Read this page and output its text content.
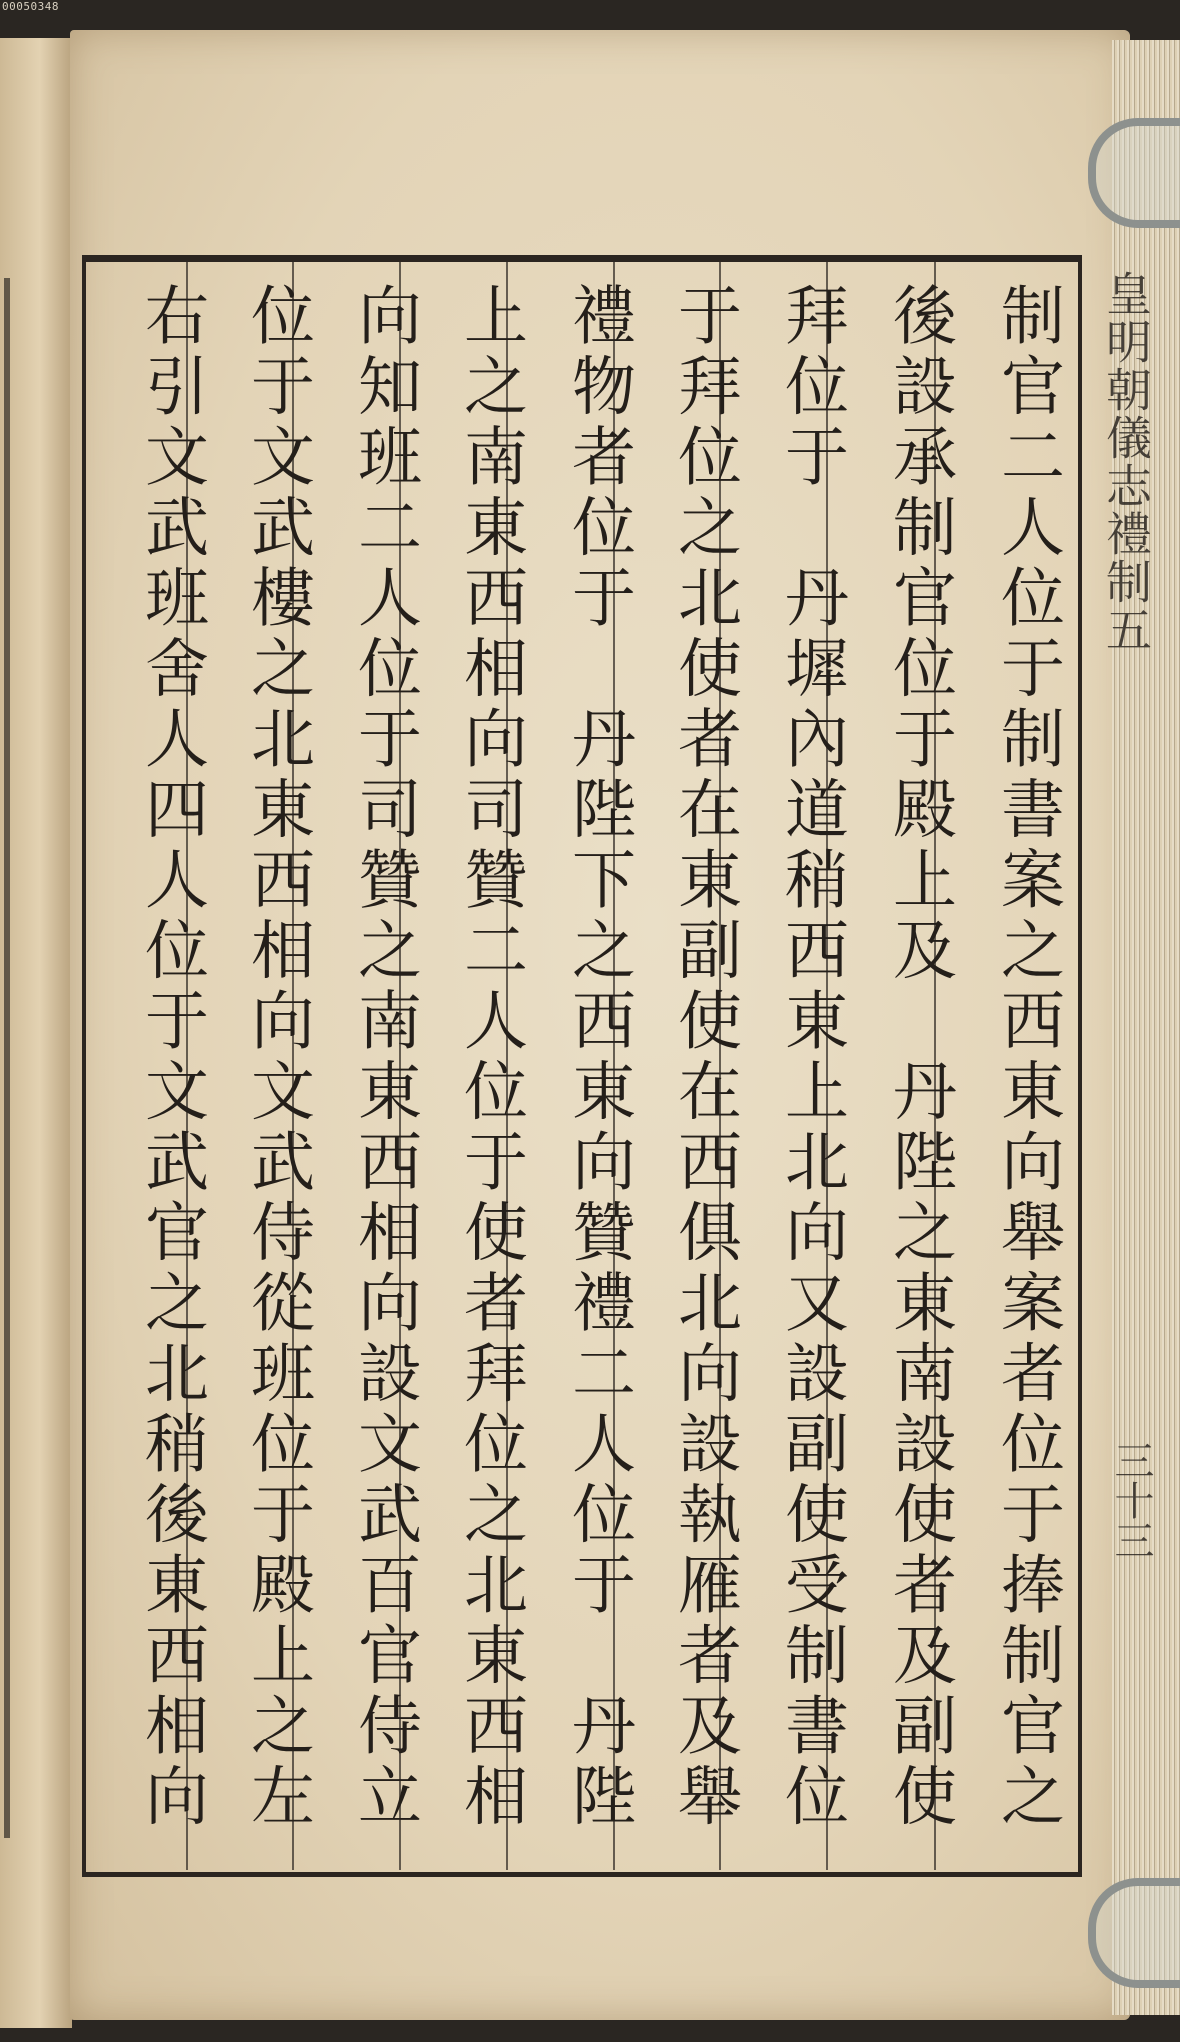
00050348
皇明朝儀志禮制五
三十三
制官二人位于制書案之西東向舉案者位于捧制官之
後設承制官位于殿上及　丹陛之東南設使者及副使
拜位于　丹墀內道稍西東上北向又設副使受制書位
于拜位之北使者在東副使在西俱北向設執雁者及舉
禮物者位于　丹陛下之西東向贊禮二人位于　丹陛
上之南東西相向司贊二人位于使者拜位之北東西相
向知班二人位于司贊之南東西相向設文武百官侍立
位于文武樓之北東西相向文武侍從班位于殿上之左
右引文武班舍人四人位于文武官之北稍後東西相向
